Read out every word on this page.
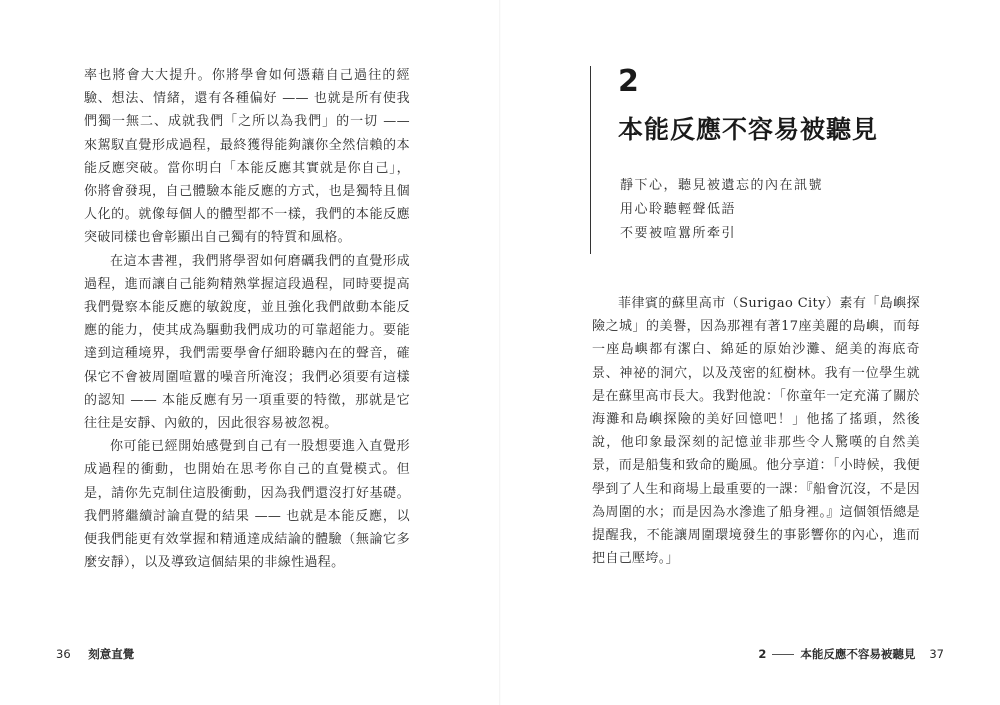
率也將會大大提升。你將學會如何憑藉自己過往的經驗、想法、情緒，還有各種偏好 —— 也就是所有使我們獨一無二、成就我們「之所以為我們」的一切 —— 來駕馭直覺形成過程，最終獲得能夠讓你全然信賴的本能反應突破。當你明白「本能反應其實就是你自己」，你將會發現，自己體驗本能反應的方式，也是獨特且個人化的。就像每個人的體型都不一樣，我們的本能反應突破同樣也會彰顯出自己獨有的特質和風格。

在這本書裡，我們將學習如何磨礪我們的直覺形成過程，進而讓自己能夠精熟掌握這段過程，同時要提高我們覺察本能反應的敏銳度，並且強化我們啟動本能反應的能力，使其成為驅動我們成功的可靠超能力。要能達到這種境界，我們需要學會仔細聆聽內在的聲音，確保它不會被周圍喧囂的噪音所淹沒；我們必須要有這樣的認知 —— 本能反應有另一項重要的特徵，那就是它往往是安靜、內斂的，因此很容易被忽視。

你可能已經開始感覺到自己有一股想要進入直覺形成過程的衝動，也開始在思考你自己的直覺模式。但是，請你先克制住這股衝動，因為我們還沒打好基礎。我們將繼續討論直覺的結果 —— 也就是本能反應，以便我們能更有效掌握和精通達成結論的體驗（無論它多麼安靜），以及導致這個結果的非線性過程。

36 刻意直覺
2
本能反應不容易被聽見
靜下心，聽見被遺忘的內在訊號
用心聆聽輕聲低語
不要被喧囂所牽引

菲律賓的蘇里高市（Surigao City）素有「島嶼探險之城」的美譽，因為那裡有著17座美麗的島嶼，而每一座島嶼都有潔白、綿延的原始沙灘、絕美的海底奇景、神祕的洞穴，以及茂密的紅樹林。我有一位學生就是在蘇里高市長大。我對他說：「你童年一定充滿了關於海灘和島嶼探險的美好回憶吧！」他搖了搖頭，然後說，他印象最深刻的記憶並非那些令人驚嘆的自然美景，而是船隻和致命的颱風。他分享道：「小時候，我便學到了人生和商場上最重要的一課：『船會沉沒，不是因為周圍的水；而是因為水滲進了船身裡。』這個領悟總是提醒我，不能讓周圍環境發生的事影響你的內心，進而把自己壓垮。」

2	本能反應不容易被聽見 37
